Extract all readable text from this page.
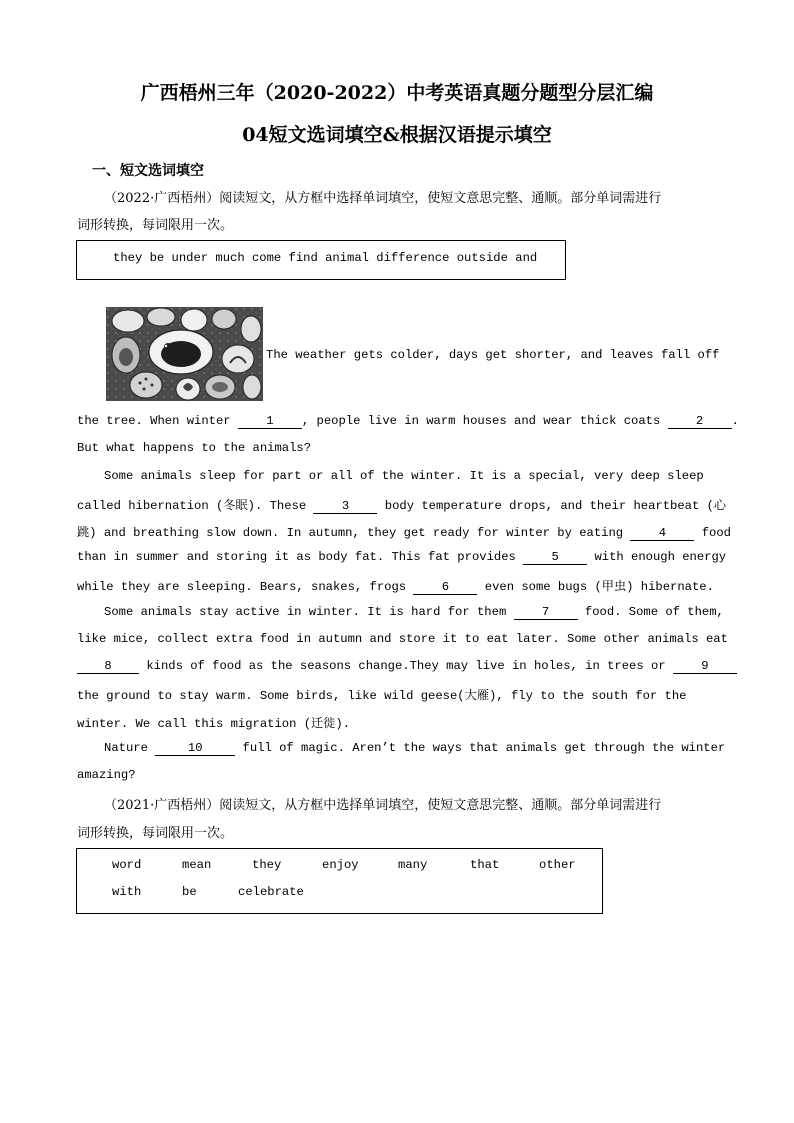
广西梧州三年（2020-2022）中考英语真题分题型分层汇编

04短文选词填空&根据汉语提示填空

一、短文选词填空

（2022·广西梧州）阅读短文，从方框中选择单词填空，使短文意思完整、通顺。部分单词需进行

词形转换，每词限用一次。

they be under much come find animal difference outside and

The weather gets colder, days get shorter, and leaves fall off

the tree. When winter 1 , people live in warm houses and wear thick coats 2 .

But what happens to the animals?

Some animals sleep for part or all of the winter. It is a special, very deep sleep

called hibernation (冬眠). These 3 body temperature drops, and their heartbeat (心

跳) and breathing slow down. In autumn, they get ready for winter by eating 4 food

than in summer and storing it as body fat. This fat provides 5 with enough energy

while they are sleeping. Bears, snakes, frogs 6 even some bugs (甲虫) hibernate.

Some animals stay active in winter. It is hard for them 7 food. Some of them,

like mice, collect extra food in autumn and store it to eat later. Some other animals eat

8 kinds of food as the seasons change.They may live in holes, in trees or 9

the ground to stay warm. Some birds, like wild geese(大雁), fly to the south for the

winter. We call this migration (迁徙).

Nature	10	full of magic. Aren’t the ways that animals get through the winter

amazing?

（2021·广西梧州）阅读短文，从方框中选择单词填空，使短文意思完整、通顺。部分单词需进行

词形转换，每词限用一次。

word	mean	they	enjoy	many	that	other
with	be	celebrate
